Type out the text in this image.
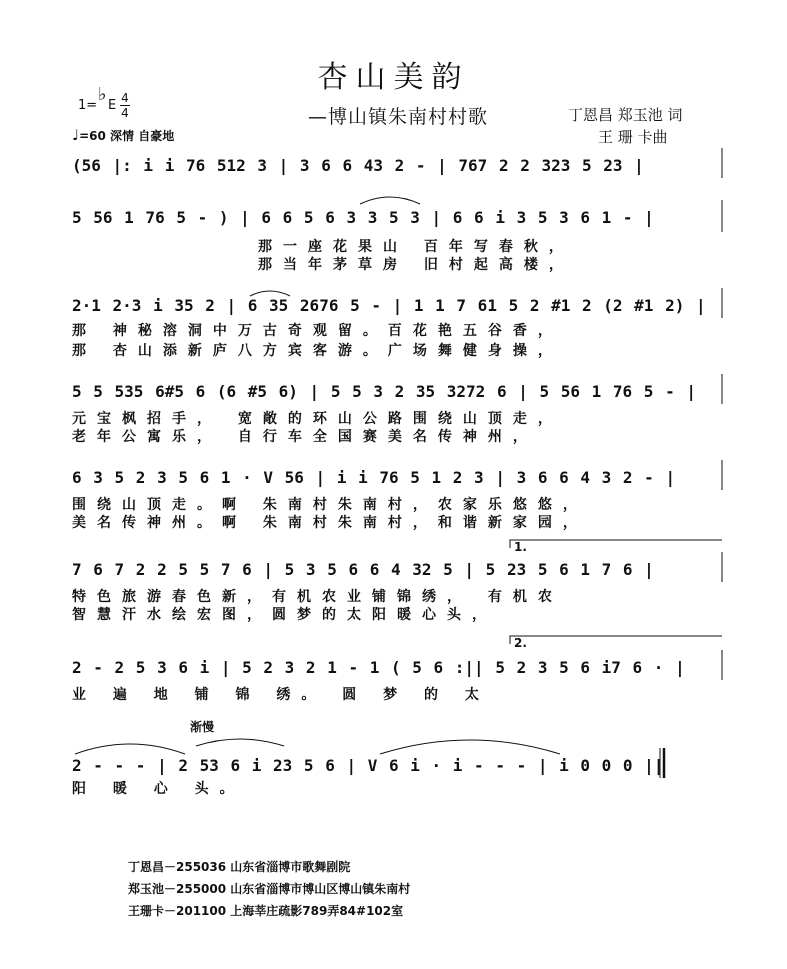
杏山美韵
—博山镇朱南村村歌	丁恩昌 郑玉池 词
王 珊 卡曲
1=
♭
E 4
4
♩=60 深情 自豪地
(56 |: i i 76 512 3 | 3 6 6 43 2 - | 767 2 2 323 5 23 |
5 56 1 76 5 - ) | 6 6 5 6 3 3 5 3 | 6 6 i 3 5 3 6 1 - |
那一座花果山 百年写春秋，
那当年茅草房 旧村起高楼，
2·1 2·3 i 35 2 | 6 35 2676 5 - | 1 1 7 61 5 2 #1 2 (2 #1 2) |
那 神秘溶洞中万古奇观留。百花艳五谷香，
那 杏山添新庐八方宾客游。广场舞健身操，
5 5 535 6#5 6 (6 #5 6) | 5 5 3 2 35 3272 6 | 5 56 1 76 5 - |
元宝枫招手， 宽敞的环山公路围绕山顶走，
老年公寓乐， 自行车全国赛美名传神州，
6 3 5 2 3 5 6 1 · V 56 | i i 76 5 1 2 3 | 3 6 6 4 3 2 - |
围绕山顶走。啊 朱南村朱南村，农家乐悠悠，
美名传神州。啊 朱南村朱南村，和谐新家园，
1.
7 6 7 2 2 5 5 7 6 | 5 3 5 6 6 4 32 5 | 5 23 5 6 1 7 6 |
特色旅游春色新，有机农业铺锦绣， 有机农
智慧汗水绘宏图，圆梦的太阳暖心头，
2.
2 - 2 5 3 6 i | 5 2 3 2 1 - 1 ( 5 6 :|| 5 2 3 5 6 i7 6 · |
业 遍 地 铺 锦 绣。 圆 梦 的 太
渐慢
2 - - - | 2 53 6 i 23 5 6 | V 6 i · i - - - | i 0 0 0 ||
阳 暖 心 头。
丁恩昌－255036 山东省淄博市歌舞剧院
郑玉池－255000 山东省淄博市博山区博山镇朱南村
王珊卡－201100 上海莘庄疏影789弄84#102室
